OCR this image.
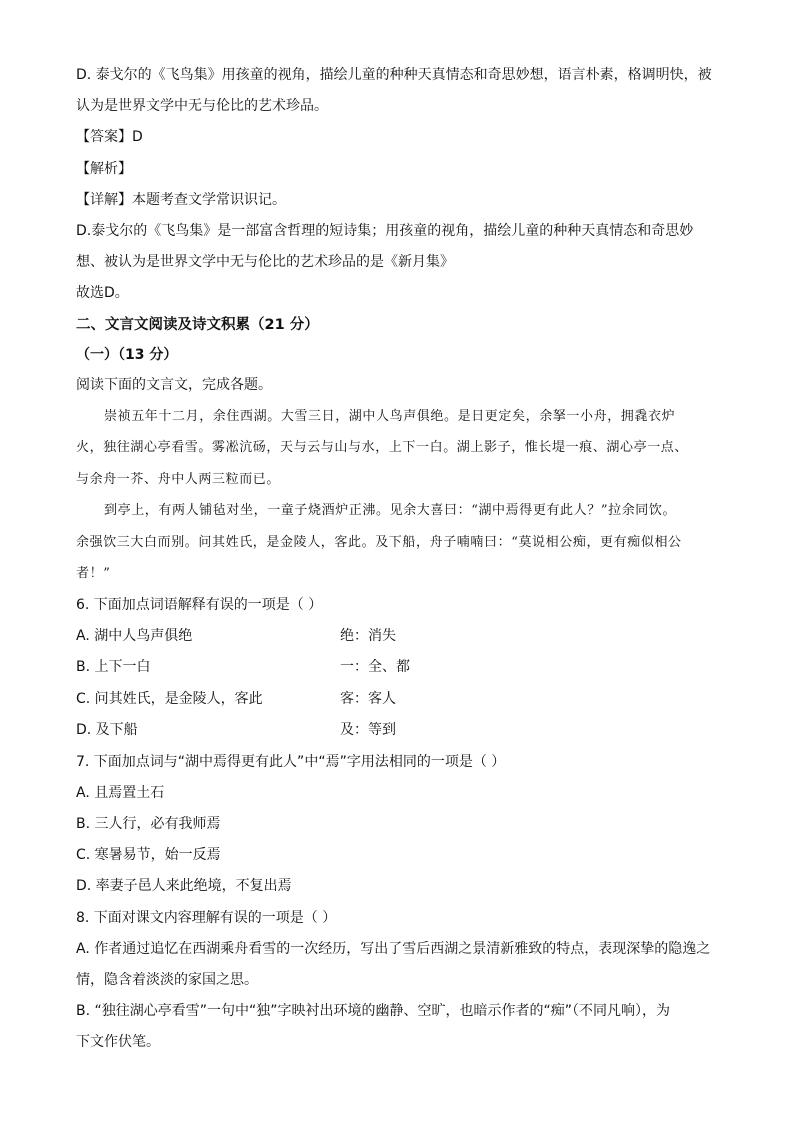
D. 泰戈尔的《飞鸟集》用孩童的视角，描绘儿童的种种天真情态和奇思妙想，语言朴素，格调明快，被

认为是世界文学中无与伦比的艺术珍品。

【答案】D

【解析】

【详解】本题考查文学常识识记。

D.泰戈尔的《飞鸟集》是一部富含哲理的短诗集；用孩童的视角，描绘儿童的种种天真情态和奇思妙

想、被认为是世界文学中无与伦比的艺术珍品的是《新月集》

故选D。

二、文言文阅读及诗文积累（21 分）

（一）（13 分）

阅读下面的文言文，完成各题。

崇祯五年十二月，余住西湖。大雪三日，湖中人鸟声俱绝。是日更定矣，余拏一小舟，拥毳衣炉

火，独往湖心亭看雪。雾凇沆砀，天与云与山与水，上下一白。湖上影子，惟长堤一痕、湖心亭一点、

与余舟一芥、舟中人两三粒而已。

到亭上，有两人铺毡对坐，一童子烧酒炉正沸。见余大喜曰：“湖中焉得更有此人？”拉余同饮。

余强饮三大白而别。问其姓氏，是金陵人，客此。及下船，舟子喃喃曰：“莫说相公痴，更有痴似相公

者！”

6. 下面加点词语解释有误的一项是（ ）

A. 湖中人鸟声俱绝	绝：消失
B. 上下一白	一：全、都
C. 问其姓氏，是金陵人，客此	客：客人
D. 及下船	及：等到

7. 下面加点词与“湖中焉得更有此人”中“焉”字用法相同的一项是（ ）

A. 且焉置土石

B. 三人行，必有我师焉

C. 寒暑易节，始一反焉

D. 率妻子邑人来此绝境，不复出焉

8. 下面对课文内容理解有误的一项是（ ）

A. 作者通过追忆在西湖乘舟看雪的一次经历，写出了雪后西湖之景清新雅致的特点，表现深挚的隐逸之

情，隐含着淡淡的家国之思。

B. “独往湖心亭看雪”一句中“独”字映衬出环境的幽静、空旷，也暗示作者的“痴”（不同凡响），为

下文作伏笔。
